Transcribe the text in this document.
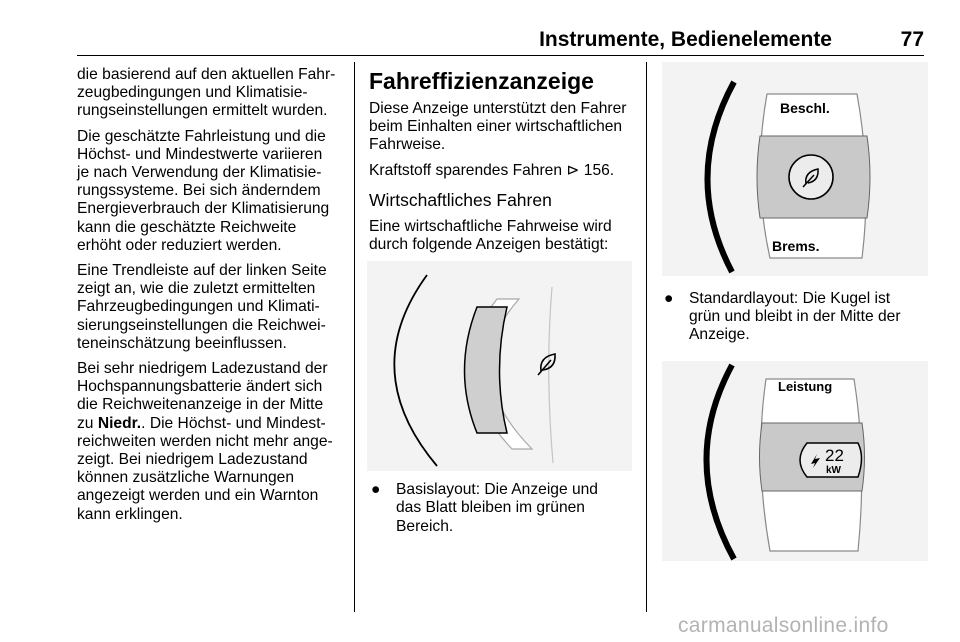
Instrumente, Bedienelemente	77

die basierend auf den aktuellen Fahr-
zeugbedingungen und Klimatisie-
rungseinstellungen ermittelt wurden.

Die geschätzte Fahrleistung und die
Höchst- und Mindestwerte variieren
je nach Verwendung der Klimatisie-
rungssysteme. Bei sich änderndem
Energieverbrauch der Klimatisierung
kann die geschätzte Reichweite
erhöht oder reduziert werden.

Eine Trendleiste auf der linken Seite
zeigt an, wie die zuletzt ermittelten
Fahrzeugbedingungen und Klimati-
sierungseinstellungen die Reichwei-
teneinschätzung beeinflussen.

Bei sehr niedrigem Ladezustand der
Hochspannungsbatterie ändert sich
die Reichweitenanzeige in der Mitte
zu Niedr.. Die Höchst- und Mindest-
reichweiten werden nicht mehr ange-
zeigt. Bei niedrigem Ladezustand
können zusätzliche Warnungen
angezeigt werden und ein Warnton
kann erklingen.

Fahreffizienzanzeige

Diese Anzeige unterstützt den Fahrer
beim Einhalten einer wirtschaftlichen
Fahrweise.

Kraftstoff sparendes Fahren ⊳ 156.

Wirtschaftliches Fahren

Eine wirtschaftliche Fahrweise wird
durch folgende Anzeigen bestätigt:

● Basislayout: Die Anzeige und
das Blatt bleiben im grünen
Bereich.
Beschl.
Brems.
● Standardlayout: Die Kugel ist
grün und bleibt in der Mitte der
Anzeige.
Leistung
22
kW
carmanualsonline.info
